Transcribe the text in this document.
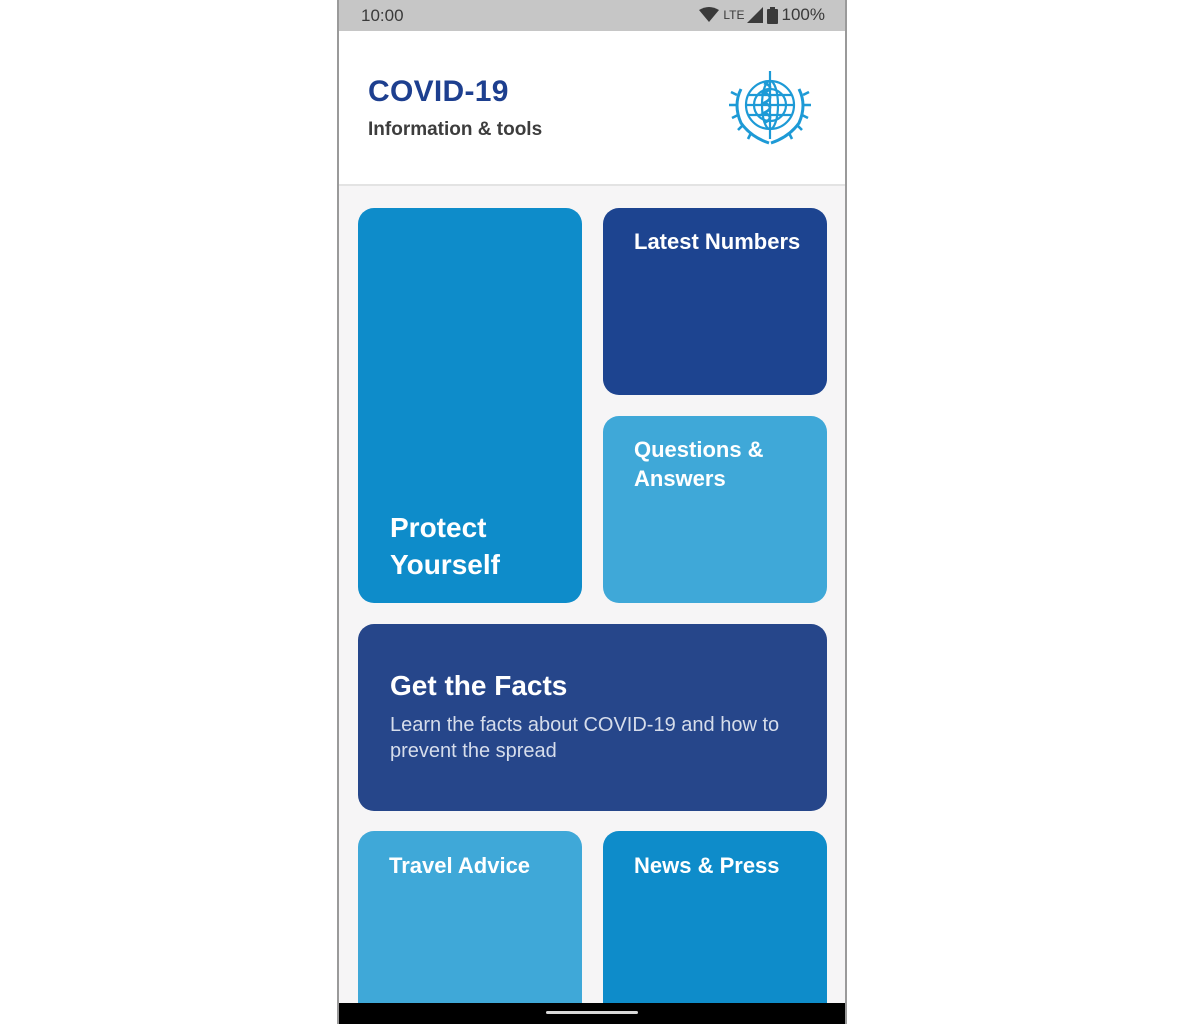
10:00	LTE 100%
COVID-19
Information & tools
Protect Yourself
Latest Numbers
Questions & Answers
Get the Facts
Learn the facts about COVID-19 and how to prevent the spread
Travel Advice	News & Press
